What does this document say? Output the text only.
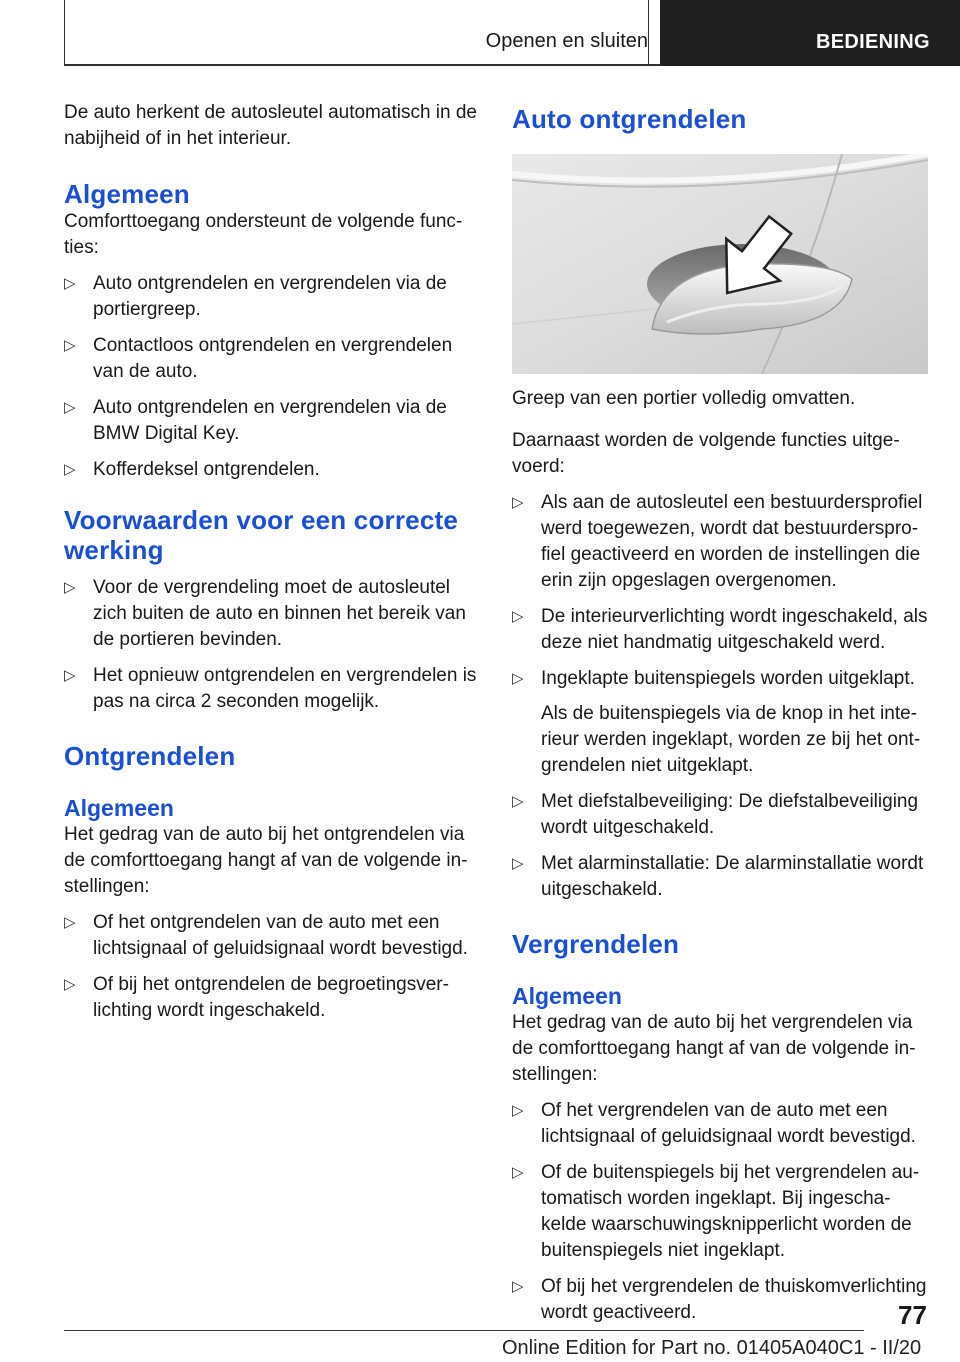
Openen en sluiten	BEDIENING

De auto herkent de autosleutel automatisch in de nabijheid of in het interieur.

Algemeen

Comforttoegang ondersteunt de volgende functies:

▷ Auto ontgrendelen en vergrendelen via de portiergreep.
▷ Contactloos ontgrendelen en vergrendelen van de auto.
▷ Auto ontgrendelen en vergrendelen via de BMW Digital Key.
▷ Kofferdeksel ontgrendelen.
Voorwaarden voor een correcte werking
▷ Voor de vergrendeling moet de autosleutel zich buiten de auto en binnen het bereik van de portieren bevinden.
▷ Het opnieuw ontgrendelen en vergrendelen is pas na circa 2 seconden mogelijk.
Ontgrendelen
Algemeen

Het gedrag van de auto bij het ontgrendelen via de comforttoegang hangt af van de volgende instellingen:

▷ Of het ontgrendelen van de auto met een lichtsignaal of geluidsignaal wordt bevestigd.
▷ Of bij het ontgrendelen de begroetingsverlichting wordt ingeschakeld.
Auto ontgrendelen

Greep van een portier volledig omvatten.

Daarnaast worden de volgende functies uitgevoerd:

▷ Als aan de autosleutel een bestuurdersprofiel werd toegewezen, wordt dat bestuurdersprofiel geactiveerd en worden de instellingen die erin zijn opgeslagen overgenomen.
▷ De interieurverlichting wordt ingeschakeld, als deze niet handmatig uitgeschakeld werd.
▷ Ingeklapte buitenspiegels worden uitgeklapt.

Als de buitenspiegels via de knop in het interieur werden ingeklapt, worden ze bij het ontgrendelen niet uitgeklapt.

▷ Met diefstalbeveiliging: De diefstalbeveiliging wordt uitgeschakeld.
▷ Met alarminstallatie: De alarminstallatie wordt uitgeschakeld.
Vergrendelen
Algemeen

Het gedrag van de auto bij het vergrendelen via de comforttoegang hangt af van de volgende instellingen:

▷ Of het vergrendelen van de auto met een lichtsignaal of geluidsignaal wordt bevestigd.
▷ Of de buitenspiegels bij het vergrendelen automatisch worden ingeklapt. Bij ingeschakelde waarschuwingsknipperlicht worden de buitenspiegels niet ingeklapt.
▷ Of bij het vergrendelen de thuiskomverlichting wordt geactiveerd.	77
Online Edition for Part no. 01405A040C1 - II/20
